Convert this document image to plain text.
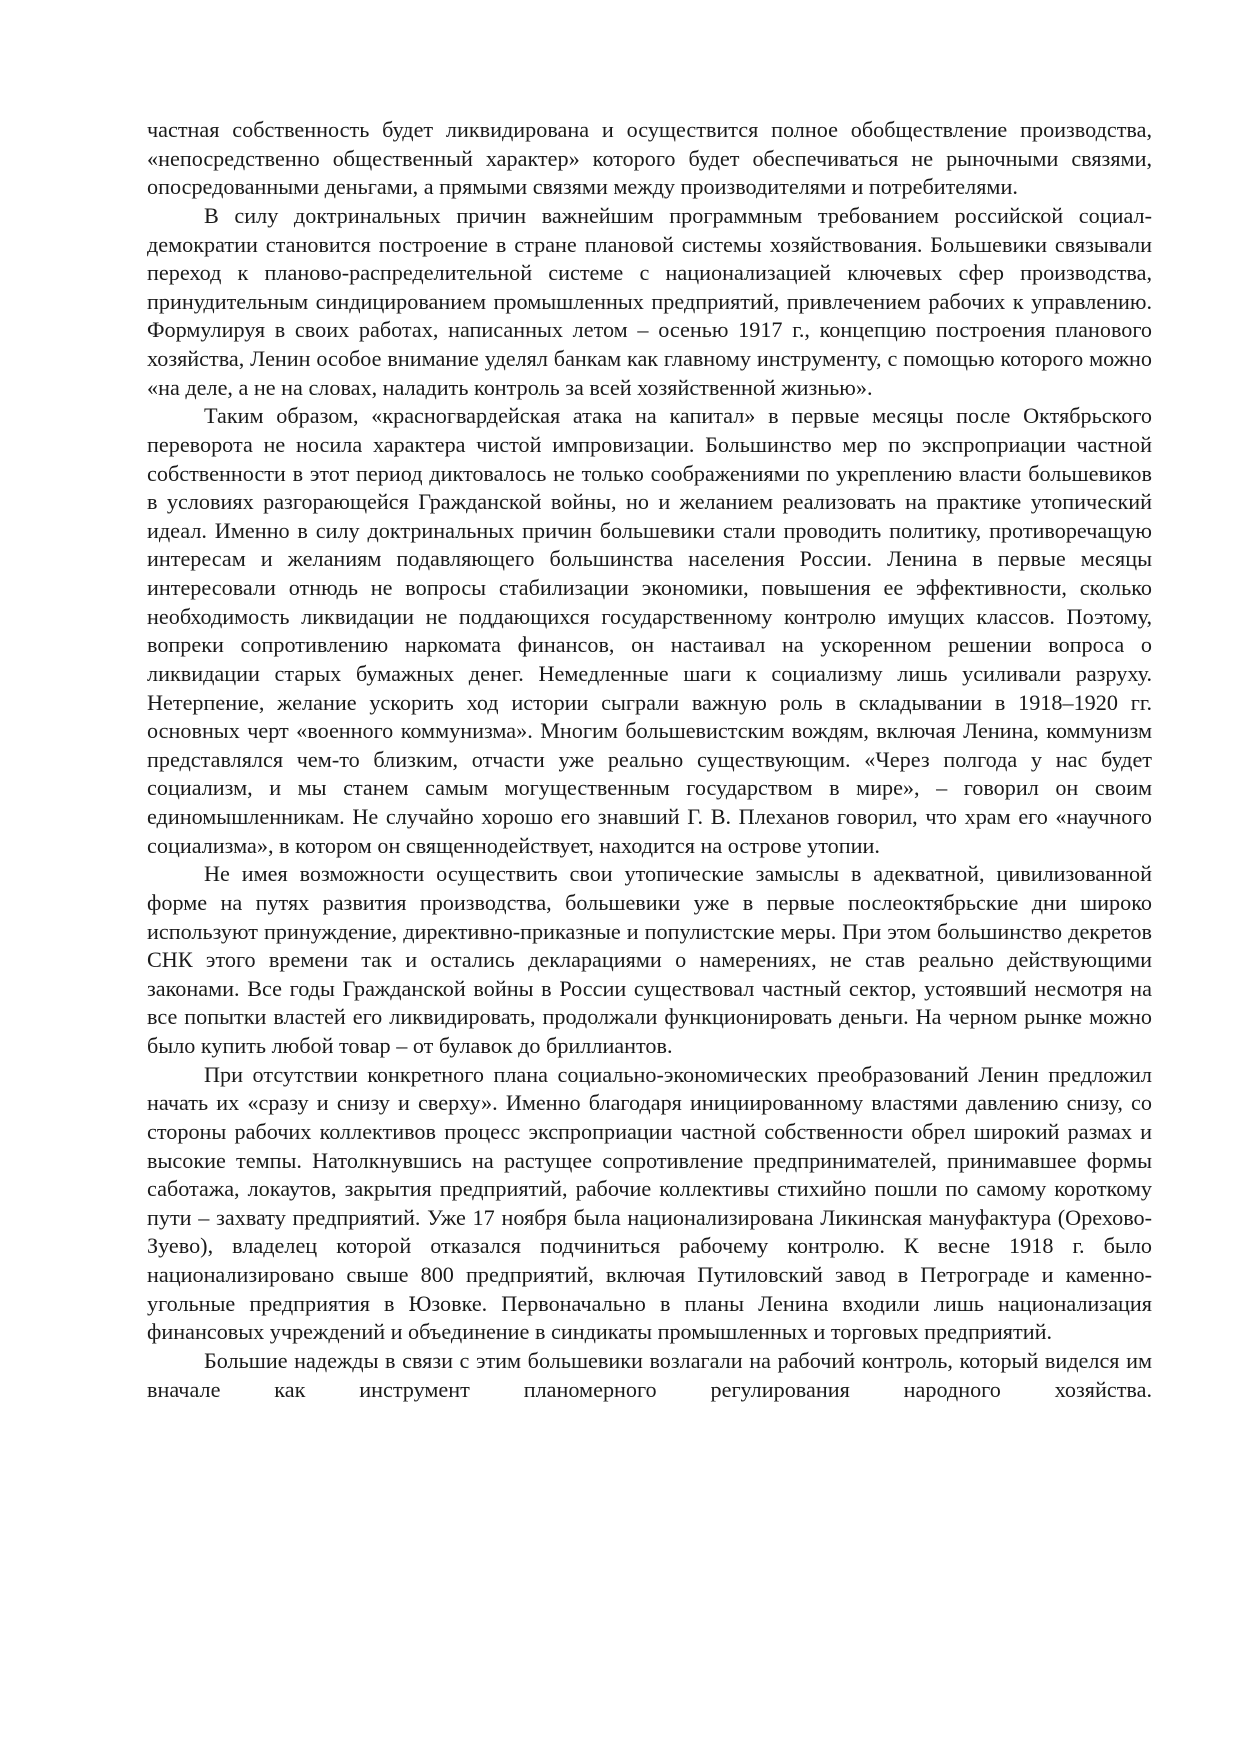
частная собственность будет ликвидирована и осуществится полное обобществление производства, «непосредственно общественный характер» которого будет обеспечиваться не рыночными связями, опосредованными деньгами, а прямыми связями между производителями и потребителями.

В силу доктринальных причин важнейшим программным требованием российской социал-демократии становится построение в стране плановой системы хозяйствования. Большевики связывали переход к планово-распределительной системе с национализацией ключевых сфер производства, принудительным синдицированием промышленных предприятий, привлечением рабочих к управлению. Формулируя в своих работах, написанных летом – осенью 1917 г., концепцию построения планового хозяйства, Ленин особое внимание уделял банкам как главному инструменту, с помощью которого можно «на деле, а не на словах, наладить контроль за всей хозяйственной жизнью».

Таким образом, «красногвардейская атака на капитал» в первые месяцы после Октябрьского переворота не носила характера чистой импровизации. Большинство мер по экспроприации частной собственности в этот период диктовалось не только соображениями по укреплению власти большевиков в условиях разгорающейся Гражданской войны, но и желанием реализовать на практике утопический идеал. Именно в силу доктринальных причин большевики стали проводить политику, противоречащую интересам и желаниям подавляющего большинства населения России. Ленина в первые месяцы интересовали отнюдь не вопросы стабилизации экономики, повышения ее эффективности, сколько необходимость ликвидации не поддающихся государственному контролю имущих классов. Поэтому, вопреки сопротивлению наркомата финансов, он настаивал на ускоренном решении вопроса о ликвидации старых бумажных денег. Немедленные шаги к социализму лишь усиливали разруху. Нетерпение, желание ускорить ход истории сыграли важную роль в складывании в 1918–1920 гг. основных черт «военного коммунизма». Многим большевистским вождям, включая Ленина, коммунизм представлялся чем-то близким, отчасти уже реально существующим. «Через полгода у нас будет социализм, и мы станем самым могущественным государством в мире», – говорил он своим единомышленникам. Не случайно хорошо его знавший Г. В. Плеханов говорил, что храм его «научного социализма», в котором он священнодействует, находится на острове утопии.

Не имея возможности осуществить свои утопические замыслы в адекватной, цивилизованной форме на путях развития производства, большевики уже в первые послеоктябрьские дни широко используют принуждение, директивно-приказные и популистские меры. При этом большинство декретов СНК этого времени так и остались декларациями о намерениях, не став реально действующими законами. Все годы Гражданской войны в России существовал частный сектор, устоявший несмотря на все попытки властей его ликвидировать, продолжали функционировать деньги. На черном рынке можно было купить любой товар – от булавок до бриллиантов.

При отсутствии конкретного плана социально-экономических преобразований Ленин предложил начать их «сразу и снизу и сверху». Именно благодаря инициированному властями давлению снизу, со стороны рабочих коллективов процесс экспроприации частной собственности обрел широкий размах и высокие темпы. Натолкнувшись на растущее сопротивление предпринимателей, принимавшее формы саботажа, локаутов, закрытия предприятий, рабочие коллективы стихийно пошли по самому короткому пути – захвату предприятий. Уже 17 ноября была национализирована Ликинская мануфактура (Орехово-Зуево), владелец которой отказался подчиниться рабочему контролю. К весне 1918 г. было национализировано свыше 800 предприятий, включая Путиловский завод в Петрограде и каменно-угольные предприятия в Юзовке. Первоначально в планы Ленина входили лишь национализация финансовых учреждений и объединение в синдикаты промышленных и торговых предприятий.

Большие надежды в связи с этим большевики возлагали на рабочий контроль, который виделся им вначале как инструмент планомерного регулирования народного хозяйства.
